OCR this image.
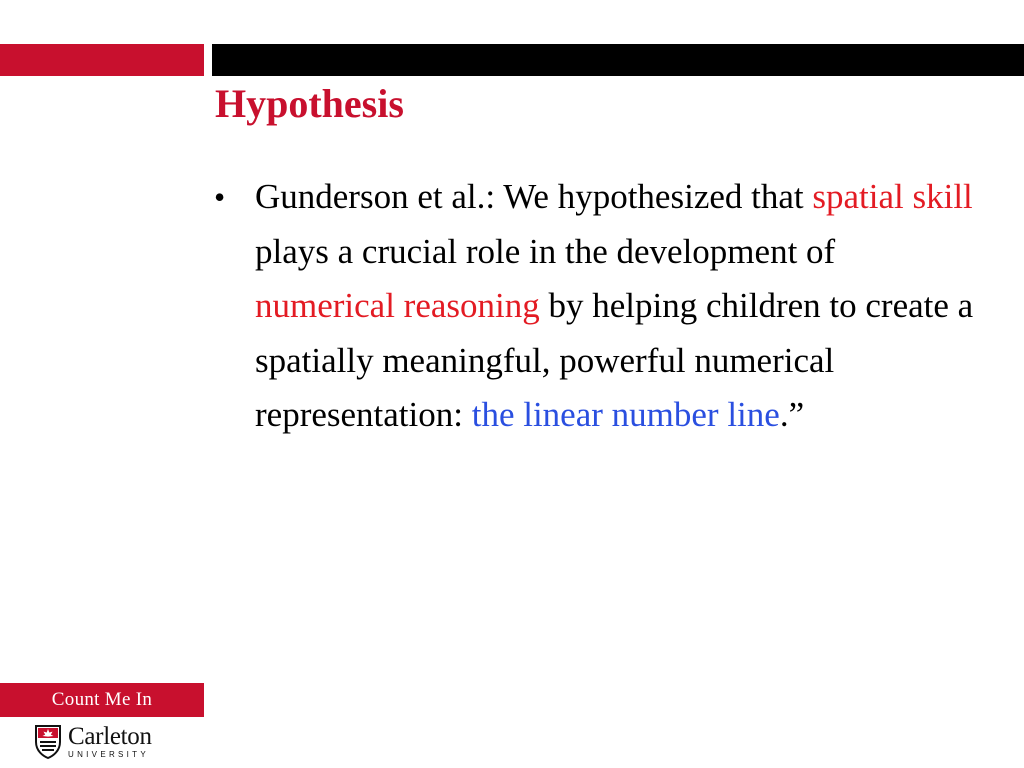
Hypothesis
• Gunderson et al.: We hypothesized that spatial skill plays a crucial role in the development of numerical reasoning by helping children to create a spatially meaningful, powerful numerical representation: the linear number line.”
Count Me In
Carleton
UNIVERSITY
